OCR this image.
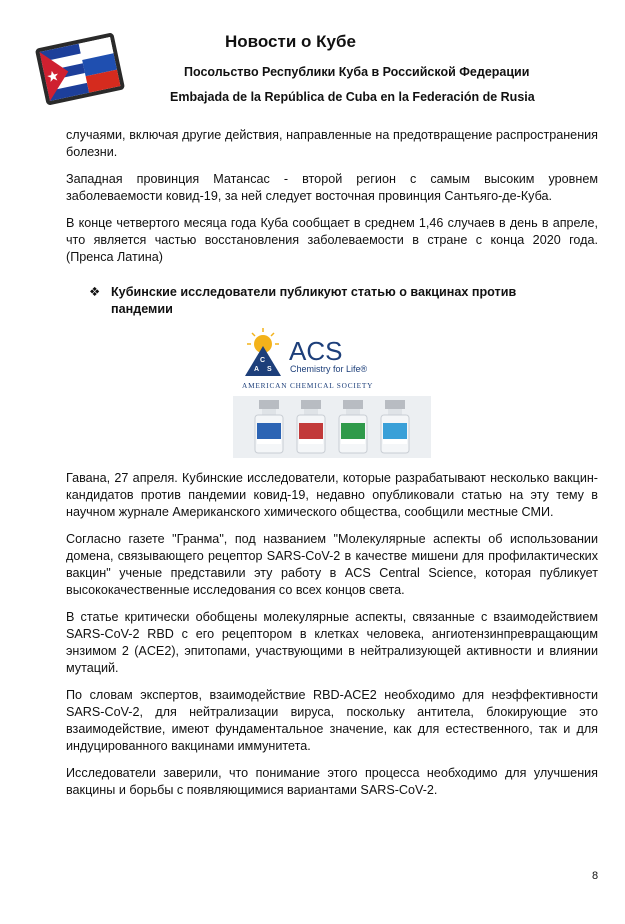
Новости о Кубе
Посольство Республики Куба в Российской Федерации
Embajada de la República de Cuba en la Federación de Rusia

случаями, включая другие действия, направленные на предотвращение распространения болезни.

Западная провинция Матансас - второй регион с самым высоким уровнем заболеваемости ковид-19, за ней следует восточная провинция Сантьяго-де-Куба.

В конце четвертого месяца года Куба сообщает в среднем 1,46 случаев в день в апреле, что является частью восстановления заболеваемости в стране с конца 2020 года. (Пренса Латина)

❖ Кубинские исследователи публикуют статью о вакцинах против пандемии
A
C
S
ACS
Chemistry for Life®
AMERICAN CHEMICAL SOCIETY

Гавана, 27 апреля. Кубинские исследователи, которые разрабатывают несколько вакцин-кандидатов против пандемии ковид-19, недавно опубликовали статью на эту тему в научном журнале Американского химического общества, сообщили местные СМИ.

Согласно газете "Гранма", под названием "Молекулярные аспекты об использовании домена, связывающего рецептор SARS-CoV-2 в качестве мишени для профилактических вакцин" ученые представили эту работу в ACS Central Science, которая публикует высококачественные исследования со всех концов света.

В статье критически обобщены молекулярные аспекты, связанные с взаимодействием SARS-CoV-2 RBD с его рецептором в клетках человека, ангиотензинпревращающим энзимом 2 (ACE2), эпитопами, участвующими в нейтрализующей активности и влиянии мутаций.

По словам экспертов, взаимодействие RBD-ACE2 необходимо для неэффективности SARS-CoV-2, для нейтрализации вируса, поскольку антитела, блокирующие это взаимодействие, имеют фундаментальное значение, как для естественного, так и для индуцированного вакцинами иммунитета.

Исследователи заверили, что понимание этого процесса необходимо для улучшения вакцины и борьбы с появляющимися вариантами SARS-CoV-2.

8
